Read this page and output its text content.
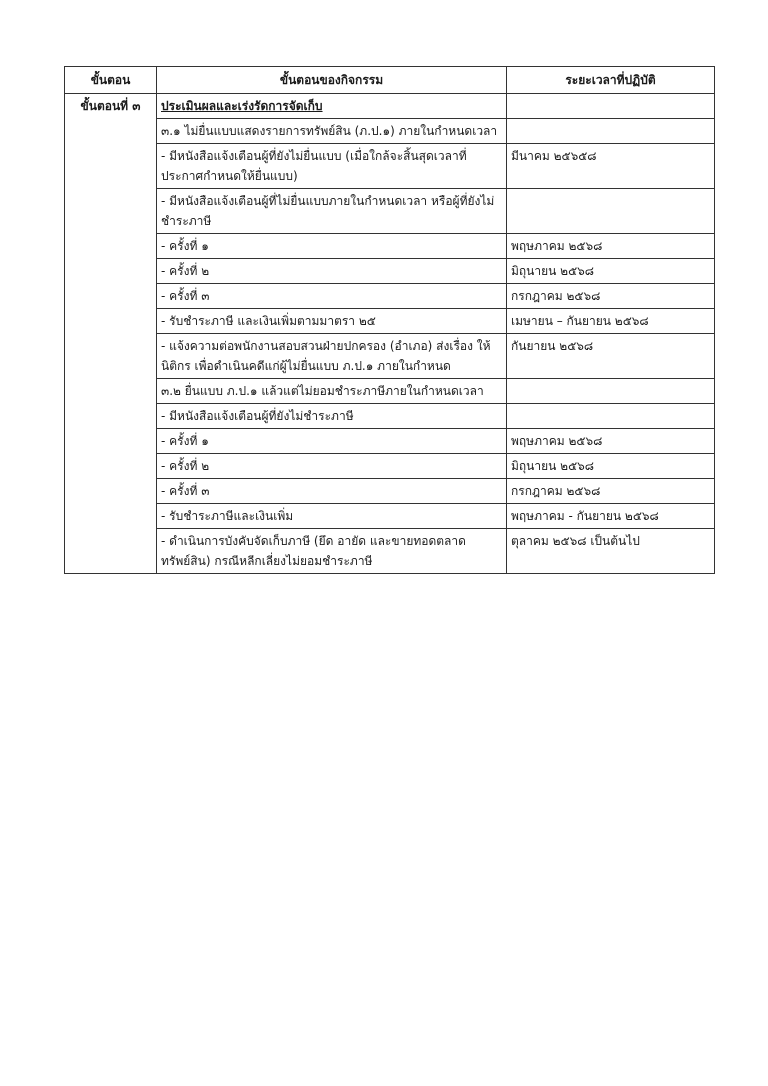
ขั้นตอน	ขั้นตอนของกิจกรรม	ระยะเวลาที่ปฏิบัติ
ขั้นตอนที่ ๓	ประเมินผลและเร่งรัดการจัดเก็บ	
	๓.๑ ไม่ยื่นแบบแสดงรายการทรัพย์สิน (ภ.ป.๑) ภายในกำหนดเวลา	
	- มีหนังสือแจ้งเตือนผู้ที่ยังไม่ยื่นแบบ (เมื่อใกล้จะสิ้นสุดเวลาที่ ประกาศกำหนดให้ยื่นแบบ)	มีนาคม ๒๕๖๕๘
	- มีหนังสือแจ้งเตือนผู้ที่ไม่ยื่นแบบภายในกำหนดเวลา หรือผู้ที่ยังไม่ชำระภาษี	
	- ครั้งที่ ๑	พฤษภาคม ๒๕๖๘
	- ครั้งที่ ๒	มิถุนายน ๒๕๖๘
	- ครั้งที่ ๓	กรกฎาคม ๒๕๖๘
	- รับชำระภาษี และเงินเพิ่มตามมาตรา ๒๕	เมษายน – กันยายน ๒๕๖๘
	- แจ้งความต่อพนักงานสอบสวนฝ่ายปกครอง (อำเภอ) ส่งเรื่อง ให้นิติกร เพื่อดำเนินคดีแก่ผู้ไม่ยื่นแบบ ภ.ป.๑ ภายในกำหนด	กันยายน ๒๕๖๘
	๓.๒ ยื่นแบบ ภ.ป.๑ แล้วแต่ไม่ยอมชำระภาษีภายในกำหนดเวลา	
	- มีหนังสือแจ้งเตือนผู้ที่ยังไม่ชำระภาษี	
	- ครั้งที่ ๑	พฤษภาคม ๒๕๖๘
	- ครั้งที่ ๒	มิถุนายน ๒๕๖๘
	- ครั้งที่ ๓	กรกฎาคม ๒๕๖๘
	- รับชำระภาษีและเงินเพิ่ม	พฤษภาคม - กันยายน ๒๕๖๘
	- ดำเนินการบังคับจัดเก็บภาษี (ยึด อายัด และขายทอดตลาด ทรัพย์สิน) กรณีหลีกเลี่ยงไม่ยอมชำระภาษี	ตุลาคม ๒๕๖๘ เป็นต้นไป
